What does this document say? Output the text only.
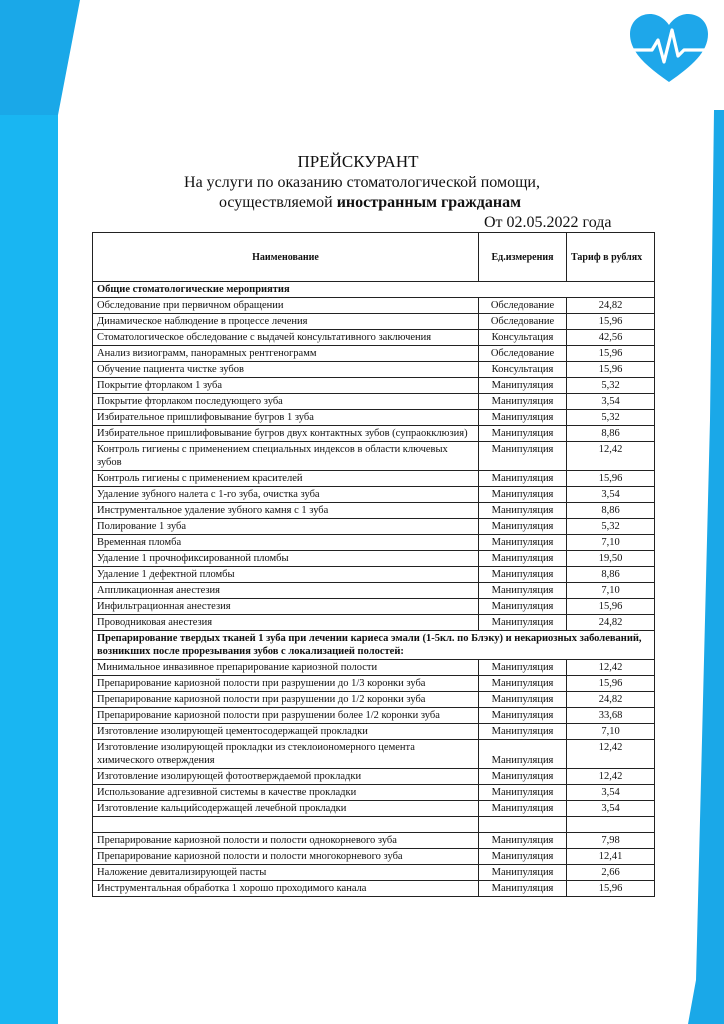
ПРЕЙСКУРАНТ
На услуги по оказанию стоматологической помощи,
осуществляемой иностранным гражданам
От 02.05.2022 года
Наименование	Ед.измерения	Тариф в рублях
Общие стоматологические мероприятия		
Обследование при первичном обращении	Обследование	24,82
Динамическое наблюдение в процессе лечения	Обследование	15,96
Стоматологическое обследование с выдачей консультативного заключения	Консультация	42,56
Анализ визиограмм, панорамных рентгенограмм	Обследование	15,96
Обучение пациента чистке зубов	Консультация	15,96
Покрытие фторлаком 1 зуба	Манипуляция	5,32
Покрытие фторлаком последующего зуба	Манипуляция	3,54
Избирательное пришлифовывание бугров 1 зуба	Манипуляция	5,32
Избирательное пришлифовывание бугров двух контактных зубов (супраокклюзия)	Манипуляция	8,86
Контроль гигиены с применением специальных индексов в области ключевых зубов	Манипуляция	12,42
Контроль гигиены с применением красителей	Манипуляция	15,96
Удаление зубного налета с 1-го зуба, очистка зуба	Манипуляция	3,54
Инструментальное удаление зубного камня с 1 зуба	Манипуляция	8,86
Полирование 1 зуба	Манипуляция	5,32
Временная пломба	Манипуляция	7,10
Удаление 1 прочнофиксированной пломбы	Манипуляция	19,50
Удаление 1 дефектной пломбы	Манипуляция	8,86
Аппликационная анестезия	Манипуляция	7,10
Инфильтрационная анестезия	Манипуляция	15,96
Проводниковая анестезия	Манипуляция	24,82
Препарирование твердых тканей 1 зуба при лечении кариеса эмали (1-5кл. по Блэку) и некариозных заболеваний, возникших после прорезывания зубов с локализацией полостей:		
Минимальное инвазивное препарирование кариозной полости	Манипуляция	12,42
Препарирование кариозной полости при разрушении до 1/3 коронки зуба	Манипуляция	15,96
Препарирование кариозной полости при разрушении до 1/2 коронки зуба	Манипуляция	24,82
Препарирование кариозной полости при разрушении более 1/2 коронки зуба	Манипуляция	33,68
Изготовление изолирующей цементосодержащей прокладки	Манипуляция	7,10
Изготовление изолирующей прокладки из стеклоиономерного цемента химического отверждения	Манипуляция	12,42
Изготовление изолирующей фотоотверждаемой прокладки	Манипуляция	12,42
Использование адгезивной системы в качестве прокладки	Манипуляция	3,54
Изготовление кальцийсодержащей лечебной прокладки	Манипуляция	3,54

Препарирование кариозной полости и полости однокорневого зуба	Манипуляция	7,98
Препарирование кариозной полости и полости многокорневого зуба	Манипуляция	12,41
Наложение девитализирующей пасты	Манипуляция	2,66
Инструментальная обработка 1 хорошо проходимого канала	Манипуляция	15,96
